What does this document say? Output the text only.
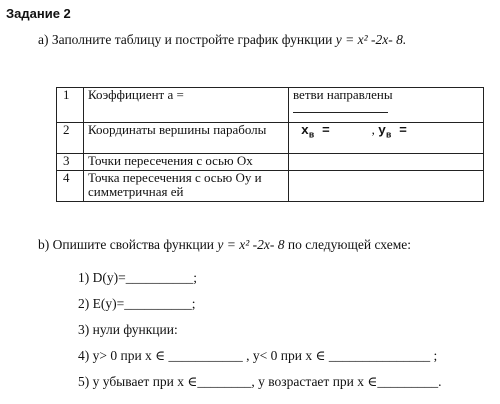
Задание 2
а) Заполните таблицу и постройте график функции y = x² -2x- 8.
1	Коэффициент a =	ветви направлены

2	Координаты вершины параболы	$x_в$ = , $y_в$ =
3	Точки пересечения с осью Ox	
4	Точка пересечения с осью Oy и симметричная ей	
b) Опишите свойства функции y = x² -2x- 8 по следующей схеме:
1) D(y)=__________;
2) E(y)=__________;
3) нули функции:
4) y> 0 при x ∈ ___________ , y< 0 при x ∈ _______________ ;
5) y убывает при x ∈________, y возрастает при x ∈_________.
